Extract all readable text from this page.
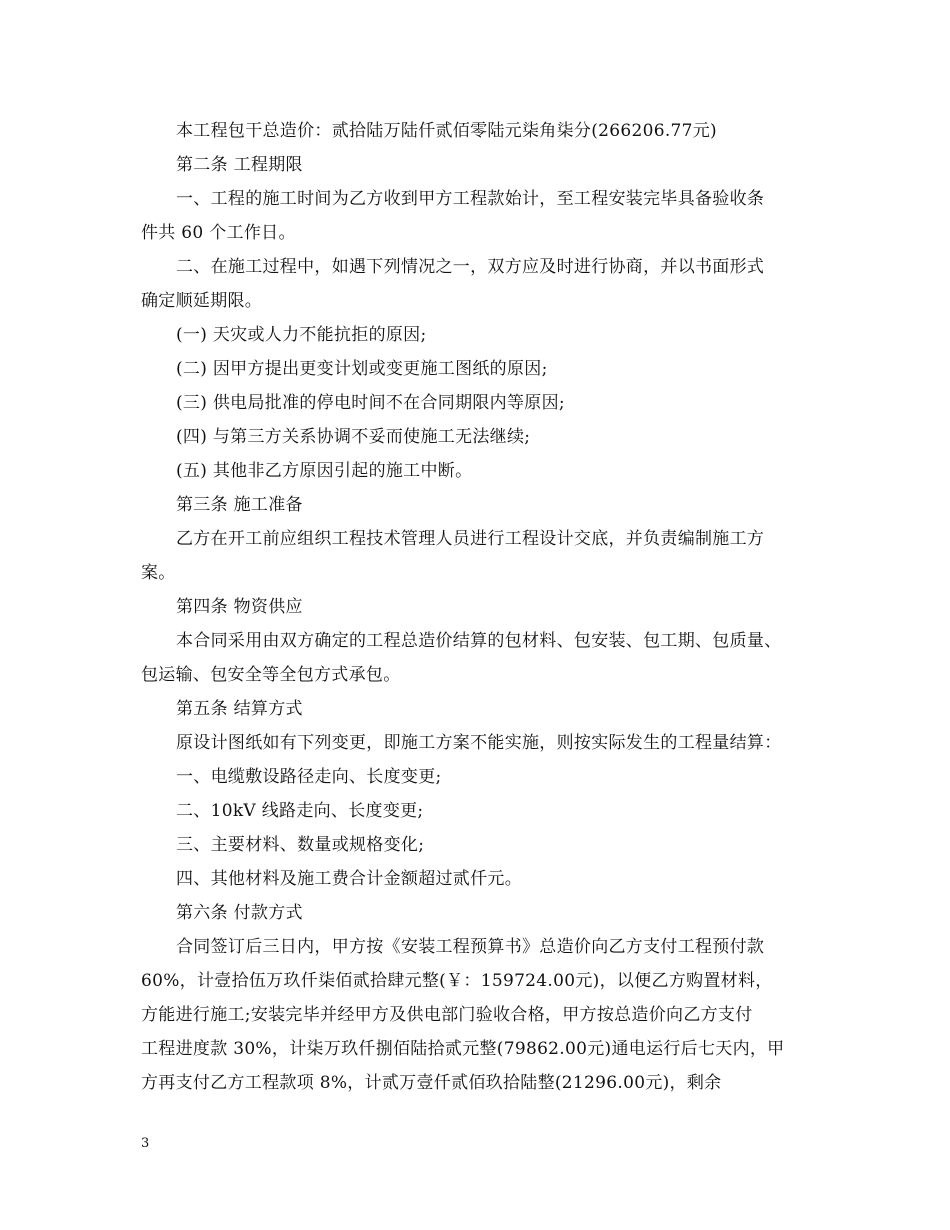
本工程包干总造价：贰拾陆万陆仟贰佰零陆元柒角柒分(266206.77元)
第二条 工程期限
一、工程的施工时间为乙方收到甲方工程款始计，至工程安装完毕具备验收条
件共 60 个工作日。
二、在施工过程中，如遇下列情况之一，双方应及时进行协商，并以书面形式
确定顺延期限。
(一) 天灾或人力不能抗拒的原因;
(二) 因甲方提出更变计划或变更施工图纸的原因;
(三) 供电局批准的停电时间不在合同期限内等原因;
(四) 与第三方关系协调不妥而使施工无法继续;
(五) 其他非乙方原因引起的施工中断。
第三条 施工准备
乙方在开工前应组织工程技术管理人员进行工程设计交底，并负责编制施工方
案。
第四条 物资供应
本合同采用由双方确定的工程总造价结算的包材料、包安装、包工期、包质量、
包运输、包安全等全包方式承包。
第五条 结算方式
原设计图纸如有下列变更，即施工方案不能实施，则按实际发生的工程量结算：
一、电缆敷设路径走向、长度变更;
二、10kV 线路走向、长度变更;
三、主要材料、数量或规格变化;
四、其他材料及施工费合计金额超过贰仟元。
第六条 付款方式
合同签订后三日内，甲方按《安装工程预算书》总造价向乙方支付工程预付款
60%，计壹拾伍万玖仟柒佰贰拾肆元整(￥：159724.00元)，以便乙方购置材料，
方能进行施工;安装完毕并经甲方及供电部门验收合格，甲方按总造价向乙方支付
工程进度款 30%，计柒万玖仟捌佰陆拾贰元整(79862.00元)通电运行后七天内，甲
方再支付乙方工程款项 8%，计贰万壹仟贰佰玖拾陆整(21296.00元)，剩余
3
